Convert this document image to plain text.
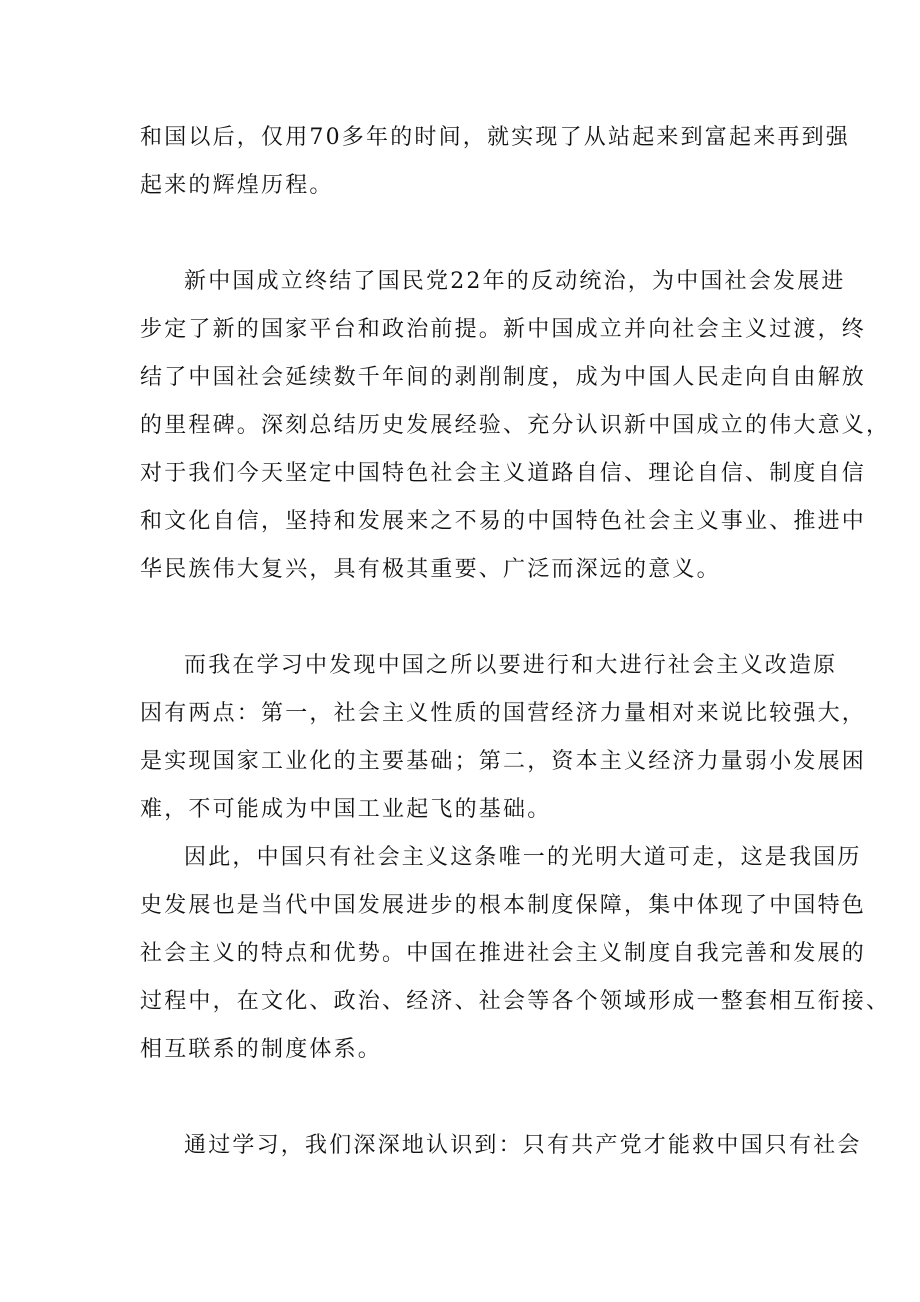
和国以后，仅用70多年的时间，就实现了从站起来到富起来再到强
起来的辉煌历程。
新中国成立终结了国民党22年的反动统治，为中国社会发展进
步定了新的国家平台和政治前提。新中国成立并向社会主义过渡，终
结了中国社会延续数千年间的剥削制度，成为中国人民走向自由解放
的里程碑。深刻总结历史发展经验、充分认识新中国成立的伟大意义，
对于我们今天坚定中国特色社会主义道路自信、理论自信、制度自信
和文化自信，坚持和发展来之不易的中国特色社会主义事业、推进中
华民族伟大复兴，具有极其重要、广泛而深远的意义。
而我在学习中发现中国之所以要进行和大进行社会主义改造原
因有两点：第一，社会主义性质的国营经济力量相对来说比较强大，
是实现国家工业化的主要基础；第二，资本主义经济力量弱小发展困
难，不可能成为中国工业起飞的基础。
因此，中国只有社会主义这条唯一的光明大道可走，这是我国历
史发展也是当代中国发展进步的根本制度保障，集中体现了中国特色
社会主义的特点和优势。中国在推进社会主义制度自我完善和发展的
过程中，在文化、政治、经济、社会等各个领域形成一整套相互衔接、
相互联系的制度体系。
通过学习，我们深深地认识到：只有共产党才能救中国只有社会
